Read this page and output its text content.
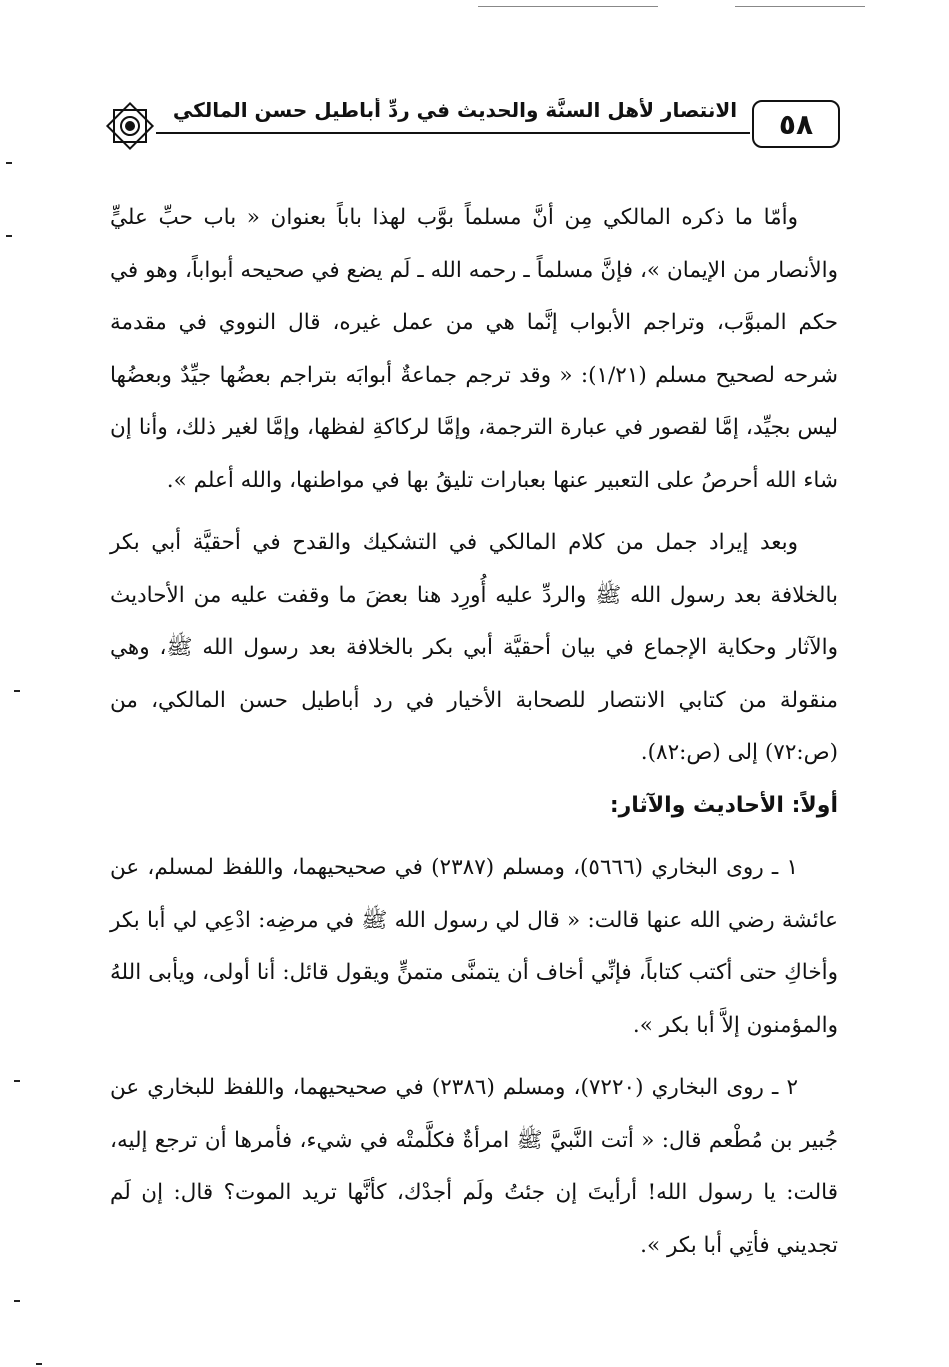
الانتصار لأهل السنَّة والحديث في ردِّ أباطيل حسن المالكي	٥٨

وأمّا ما ذكره المالكي مِن أنَّ مسلماً بوَّب لهذا باباً بعنوان « باب حبِّ عليٍّ والأنصار من الإيمان »، فإنَّ مسلماً ـ رحمه الله ـ لَم يضع في صحيحه أبواباً، وهو في حكم المبوَّب، وتراجم الأبواب إنَّما هي من عمل غيره، قال النووي في مقدمة شرحه لصحيح مسلم (١/٢١): « وقد ترجم جماعةٌ أبوابَه بتراجم بعضُها جيِّدٌ وبعضُها ليس بجيِّد، إمَّا لقصور في عبارة الترجمة، وإمَّا لركاكةِ لفظها، وإمَّا لغير ذلك، وأنا إن شاء الله أحرصُ على التعبير عنها بعبارات تليقُ بها في مواطنها، والله أعلم ».

وبعد إيراد جمل من كلام المالكي في التشكيك والقدح في أحقيَّة أبي بكر بالخلافة بعد رسول الله ﷺ والردِّ عليه أُورِد هنا بعضَ ما وقفت عليه من الأحاديث والآثار وحكاية الإجماع في بيان أحقيَّة أبي بكر بالخلافة بعد رسول الله ﷺ، وهي منقولة من كتابي الانتصار للصحابة الأخيار في رد أباطيل حسن المالكي، من (ص:٧٢) إلى (ص:٨٢).

أولاً: الأحاديث والآثار:

١ ـ روى البخاري (٥٦٦٦)، ومسلم (٢٣٨٧) في صحيحيهما، واللفظ لمسلم، عن عائشة رضي الله عنها قالت: « قال لي رسول الله ﷺ في مرضِه: ادْعِي لي أبا بكر وأخاكِ حتى أكتب كتاباً، فإنِّي أخاف أن يتمنَّى متمنٍّ ويقول قائل: أنا أولى، ويأبى اللهُ والمؤمنون إلاَّ أبا بكر ».

٢ ـ روى البخاري (٧٢٢٠)، ومسلم (٢٣٨٦) في صحيحيهما، واللفظ للبخاري عن جُبير بن مُطْعم قال: « أتت النَّبيَّ ﷺ امرأةٌ فكلَّمتْه في شيء، فأمرها أن ترجع إليه، قالت: يا رسول الله! أرأيتَ إن جئتُ ولَم أجدْك، كأنَّها تريد الموت؟ قال: إن لَم تجديني فأتِي أبا بكر ».
